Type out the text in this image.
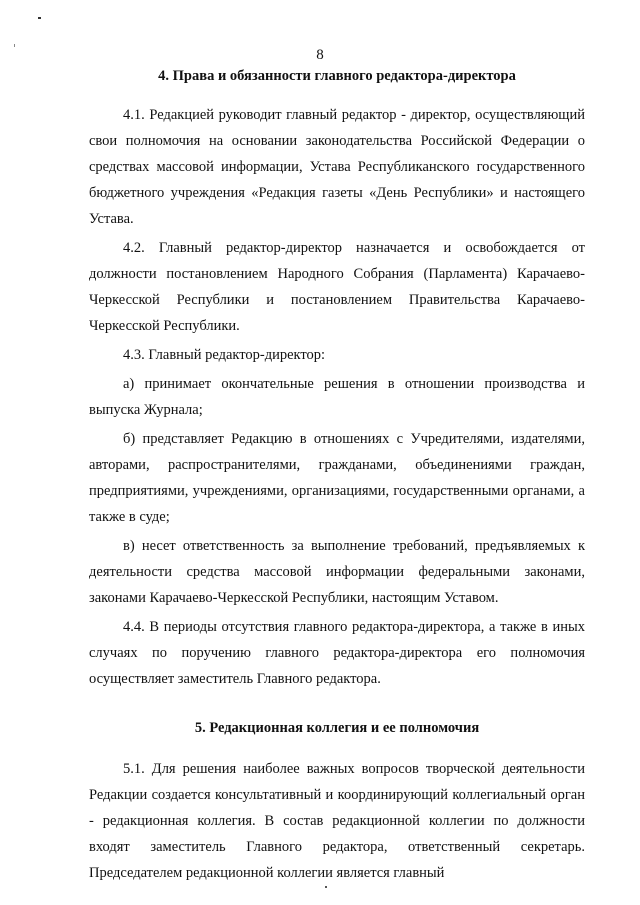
8

4. Права и обязанности главного редактора-директора

4.1. Редакцией руководит главный редактор - директор, осуществляющий свои полномочия на основании законодательства Российской Федерации о средствах массовой информации, Устава Республиканского государственного бюджетного учреждения «Редакция газеты «День Республики» и настоящего Устава.

4.2. Главный редактор-директор назначается и освобождается от должности постановлением Народного Собрания (Парламента) Карачаево-Черкесской Республики и постановлением Правительства Карачаево-Черкесской Республики.

4.3. Главный редактор-директор:

а) принимает окончательные решения в отношении производства и выпуска Журнала;

б) представляет Редакцию в отношениях с Учредителями, издателями, авторами, распространителями, гражданами, объединениями граждан, предприятиями, учреждениями, организациями, государственными органами, а также в суде;

в) несет ответственность за выполнение требований, предъявляемых к деятельности средства массовой информации федеральными законами, законами Карачаево-Черкесской Республики, настоящим Уставом.

4.4. В периоды отсутствия главного редактора-директора, а также в иных случаях по поручению главного редактора-директора его полномочия осуществляет заместитель Главного редактора.

5. Редакционная коллегия и ее полномочия

5.1. Для решения наиболее важных вопросов творческой деятельности Редакции создается консультативный и координирующий коллегиальный орган - редакционная коллегия. В состав редакционной коллегии по должности входят заместитель Главного редактора, ответственный секретарь. Председателем редакционной коллегии является главный
